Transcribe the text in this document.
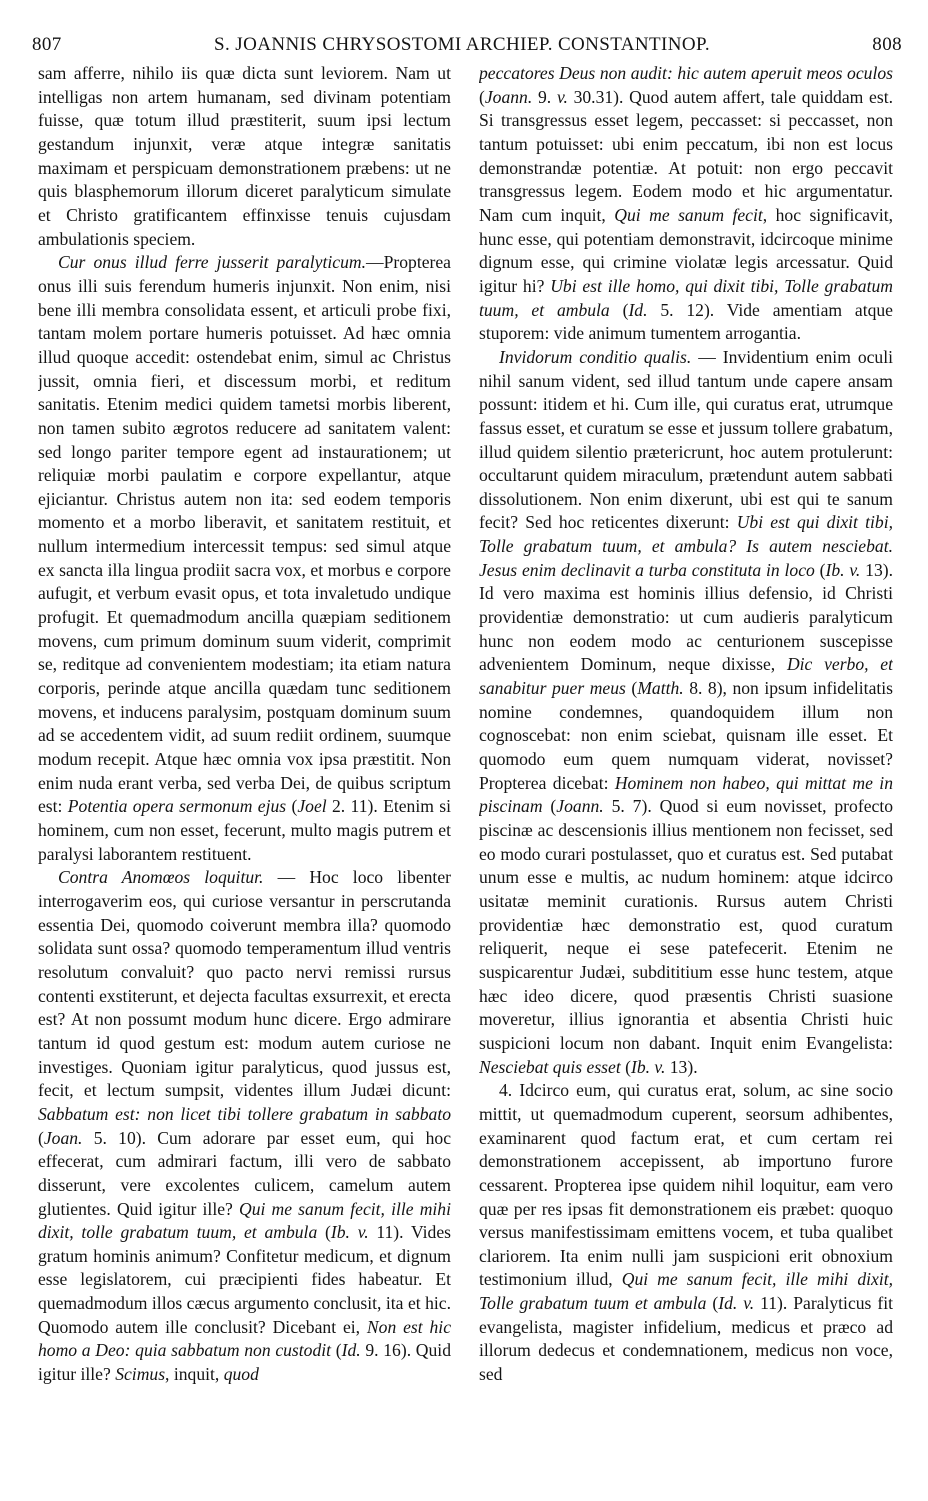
807	S. JOANNIS CHRYSOSTOMI ARCHIEP. CONSTANTINOP.	808

sam afferre, nihilo iis quæ dicta sunt leviorem. Nam ut intelligas non artem humanam, sed divinam potentiam fuisse, quæ totum illud præstiterit, suum ipsi lectum gestandum injunxit, veræ atque integræ sanitatis maximam et perspicuam demonstrationem præbens: ut ne quis blasphemorum illorum diceret paralyticum simulate et Christo gratificantem effinxisse tenuis cujusdam ambulationis speciem.

Cur onus illud ferre jusserit paralyticum.—Propterea onus illi suis ferendum humeris injunxit. Non enim, nisi bene illi membra consolidata essent, et articuli probe fixi, tantam molem portare humeris potuisset. Ad hæc omnia illud quoque accedit: ostendebat enim, simul ac Christus jussit, omnia fieri, et discessum morbi, et reditum sanitatis. Etenim medici quidem tametsi morbis liberent, non tamen subito ægrotos reducere ad sanitatem valent: sed longo pariter tempore egent ad instaurationem; ut reliquiæ morbi paulatim e corpore expellantur, atque ejiciantur. Christus autem non ita: sed eodem temporis momento et a morbo liberavit, et sanitatem restituit, et nullum intermedium intercessit tempus: sed simul atque ex sancta illa lingua prodiit sacra vox, et morbus e corpore aufugit, et verbum evasit opus, et tota invaletudo undique profugit. Et quemadmodum ancilla quæpiam seditionem movens, cum primum dominum suum viderit, comprimit se, reditque ad convenientem modestiam; ita etiam natura corporis, perinde atque ancilla quædam tunc seditionem movens, et inducens paralysim, postquam dominum suum ad se accedentem vidit, ad suum rediit ordinem, suumque modum recepit. Atque hæc omnia vox ipsa præstitit. Non enim nuda erant verba, sed verba Dei, de quibus scriptum est: Potentia opera sermonum ejus (Joel 2. 11). Etenim si hominem, cum non esset, fecerunt, multo magis putrem et paralysi laborantem restituent.

Contra Anomœos loquitur. — Hoc loco libenter interrogaverim eos, qui curiose versantur in perscrutanda essentia Dei, quomodo coiverunt membra illa? quomodo solidata sunt ossa? quomodo temperamentum illud ventris resolutum convaluit? quo pacto nervi remissi rursus contenti exstiterunt, et dejecta facultas exsurrexit, et erecta est? At non possumt modum hunc dicere. Ergo admirare tantum id quod gestum est: modum autem curiose ne investiges. Quoniam igitur paralyticus, quod jussus est, fecit, et lectum sumpsit, videntes illum Judæi dicunt: Sabbatum est: non licet tibi tollere grabatum in sabbato (Joan. 5. 10). Cum adorare par esset eum, qui hoc effecerat, cum admirari factum, illi vero de sabbato disserunt, vere excolentes culicem, camelum autem glutientes. Quid igitur ille? Qui me sanum fecit, ille mihi dixit, tolle grabatum tuum, et ambula (Ib. v. 11). Vides gratum hominis animum? Confitetur medicum, et dignum esse legislatorem, cui præcipienti fides habeatur. Et quemadmodum illos cæcus argumento conclusit, ita et hic. Quomodo autem ille conclusit? Dicebant ei, Non est hic homo a Deo: quia sabbatum non custodit (Id. 9. 16). Quid igitur ille? Scimus, inquit, quod

peccatores Deus non audit: hic autem aperuit meos oculos (Joann. 9. v. 30.31). Quod autem affert, tale quiddam est. Si transgressus esset legem, peccasset: si peccasset, non tantum potuisset: ubi enim peccatum, ibi non est locus demonstrandæ potentiæ. At potuit: non ergo peccavit transgressus legem. Eodem modo et hic argumentatur. Nam cum inquit, Qui me sanum fecit, hoc significavit, hunc esse, qui potentiam demonstravit, idcircoque minime dignum esse, qui crimine violatæ legis arcessatur. Quid igitur hi? Ubi est ille homo, qui dixit tibi, Tolle grabatum tuum, et ambula (Id. 5. 12). Vide amentiam atque stuporem: vide animum tumentem arrogantia.

Invidorum conditio qualis. — Invidentium enim oculi nihil sanum vident, sed illud tantum unde capere ansam possunt: itidem et hi. Cum ille, qui curatus erat, utrumque fassus esset, et curatum se esse et jussum tollere grabatum, illud quidem silentio prætericrunt, hoc autem protulerunt: occultarunt quidem miraculum, prætendunt autem sabbati dissolutionem. Non enim dixerunt, ubi est qui te sanum fecit? Sed hoc reticentes dixerunt: Ubi est qui dixit tibi, Tolle grabatum tuum, et ambula? Is autem nesciebat. Jesus enim declinavit a turba constituta in loco (Ib. v. 13). Id vero maxima est hominis illius defensio, id Christi providentiæ demonstratio: ut cum audieris paralyticum hunc non eodem modo ac centurionem suscepisse advenientem Dominum, neque dixisse, Dic verbo, et sanabitur puer meus (Matth. 8. 8), non ipsum infidelitatis nomine condemnes, quandoquidem illum non cognoscebat: non enim sciebat, quisnam ille esset. Et quomodo eum quem numquam viderat, novisset? Propterea dicebat: Hominem non habeo, qui mittat me in piscinam (Joann. 5. 7). Quod si eum novisset, profecto piscinæ ac descensionis illius mentionem non fecisset, sed eo modo curari postulasset, quo et curatus est. Sed putabat unum esse e multis, ac nudum hominem: atque idcirco usitatæ meminit curationis. Rursus autem Christi providentiæ hæc demonstratio est, quod curatum reliquerit, neque ei sese patefecerit. Etenim ne suspicarentur Judæi, subdititium esse hunc testem, atque hæc ideo dicere, quod præsentis Christi suasione moveretur, illius ignorantia et absentia Christi huic suspicioni locum non dabant. Inquit enim Evangelista: Nesciebat quis esset (Ib. v. 13).

4. Idcirco eum, qui curatus erat, solum, ac sine socio mittit, ut quemadmodum cuperent, seorsum adhibentes, examinarent quod factum erat, et cum certam rei demonstrationem accepissent, ab importuno furore cessarent. Propterea ipse quidem nihil loquitur, eam vero quæ per res ipsas fit demonstrationem eis præbet: quoquo versus manifestissimam emittens vocem, et tuba qualibet clariorem. Ita enim nulli jam suspicioni erit obnoxium testimonium illud, Qui me sanum fecit, ille mihi dixit, Tolle grabatum tuum et ambula (Id. v. 11). Paralyticus fit evangelista, magister infidelium, medicus et præco ad illorum dedecus et condemnationem, medicus non voce, sed
